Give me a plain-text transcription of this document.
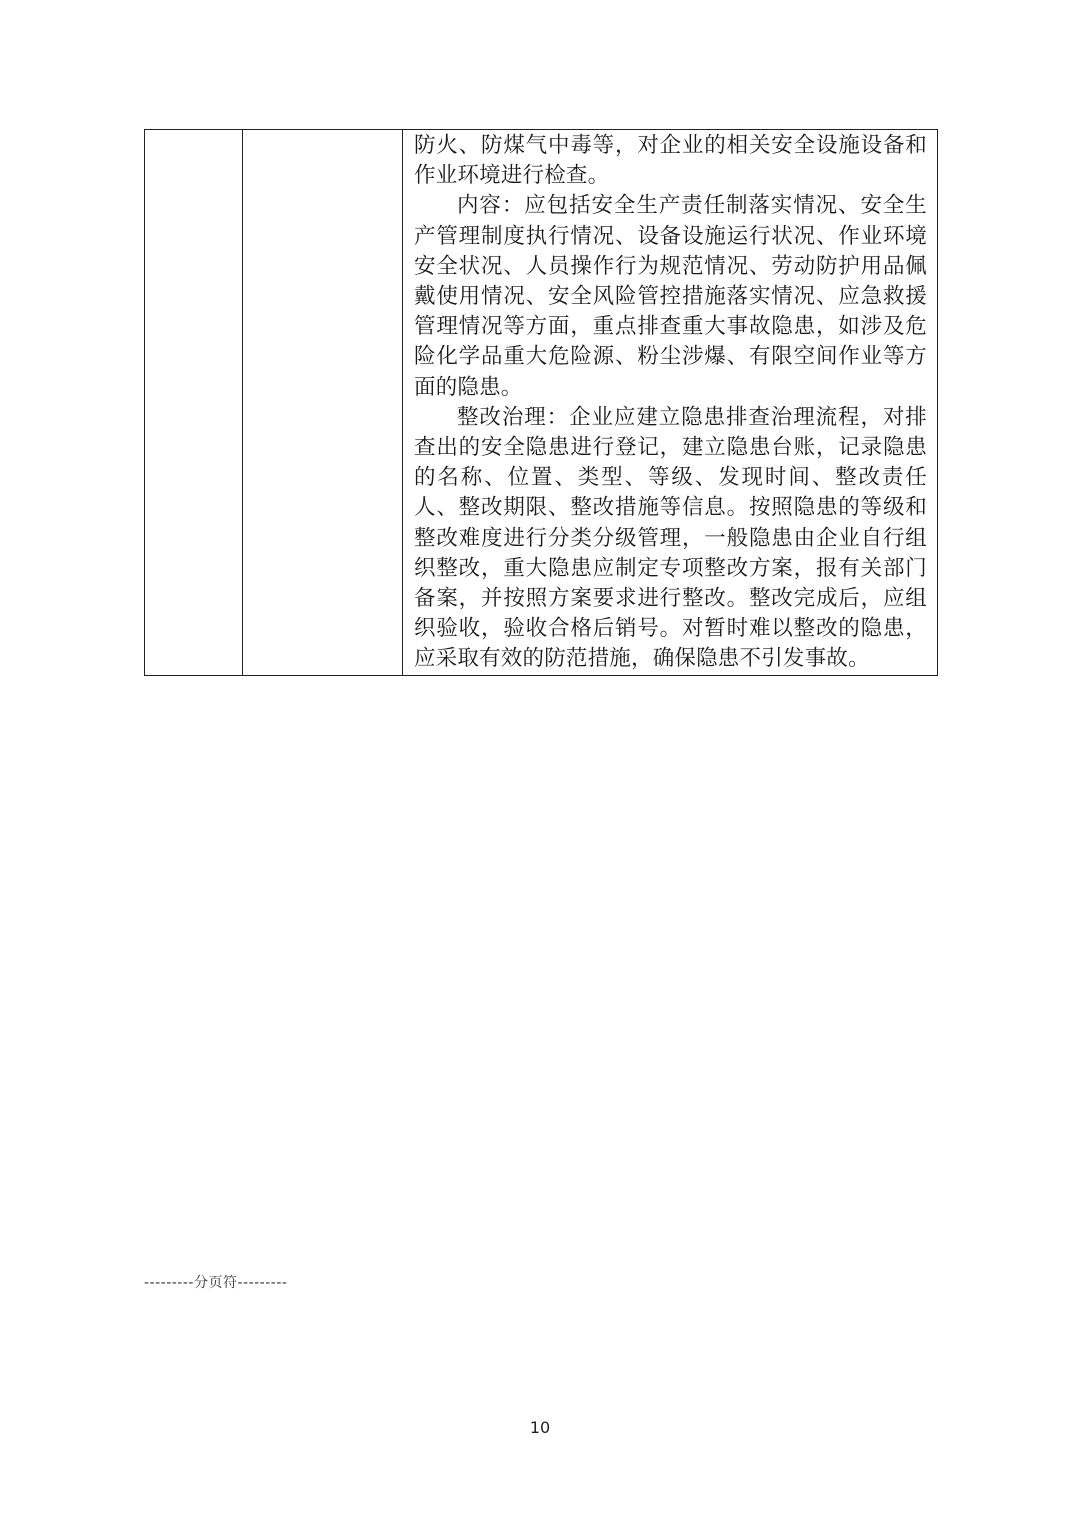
防火、防煤气中毒等，对企业的相关安全设施设备和作业环境进行检查。

内容：应包括安全生产责任制落实情况、安全生产管理制度执行情况、设备设施运行状况、作业环境安全状况、人员操作行为规范情况、劳动防护用品佩戴使用情况、安全风险管控措施落实情况、应急救援管理情况等方面，重点排查重大事故隐患，如涉及危险化学品重大危险源、粉尘涉爆、有限空间作业等方面的隐患。

整改治理：企业应建立隐患排查治理流程，对排查出的安全隐患进行登记，建立隐患台账，记录隐患的名称、位置、类型、等级、发现时间、整改责任人、整改期限、整改措施等信息。按照隐患的等级和整改难度进行分类分级管理，一般隐患由企业自行组织整改，重大隐患应制定专项整改方案，报有关部门备案，并按照方案要求进行整改。整改完成后，应组织验收，验收合格后销号。对暂时难以整改的隐患，应采取有效的防范措施，确保隐患不引发事故。

---------分页符---------
10
